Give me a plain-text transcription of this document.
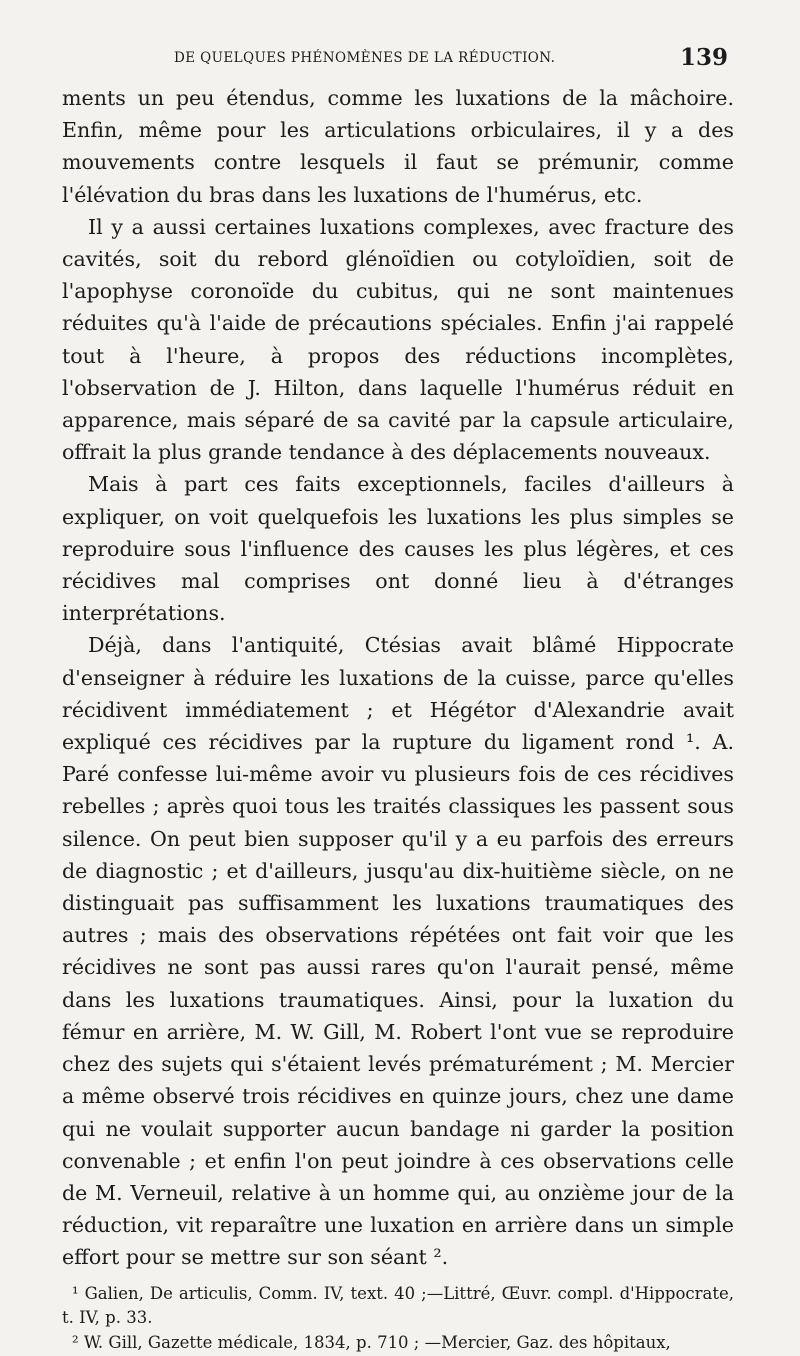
DE QUELQUES PHÉNOMÈNES DE LA RÉDUCTION.	139

ments un peu étendus, comme les luxations de la mâchoire. Enfin, même pour les articulations orbiculaires, il y a des mouvements contre lesquels il faut se prémunir, comme l'élévation du bras dans les luxations de l'humérus, etc.

Il y a aussi certaines luxations complexes, avec fracture des cavités, soit du rebord glénoïdien ou cotyloïdien, soit de l'apophyse coronoïde du cubitus, qui ne sont maintenues réduites qu'à l'aide de précautions spéciales. Enfin j'ai rappelé tout à l'heure, à propos des réductions incomplètes, l'observation de J. Hilton, dans laquelle l'humérus réduit en apparence, mais séparé de sa cavité par la capsule articulaire, offrait la plus grande tendance à des déplacements nouveaux.

Mais à part ces faits exceptionnels, faciles d'ailleurs à expliquer, on voit quelquefois les luxations les plus simples se reproduire sous l'influence des causes les plus légères, et ces récidives mal comprises ont donné lieu à d'étranges interprétations.

Déjà, dans l'antiquité, Ctésias avait blâmé Hippocrate d'enseigner à réduire les luxations de la cuisse, parce qu'elles récidivent immédiatement ; et Hégétor d'Alexandrie avait expliqué ces récidives par la rupture du ligament rond ¹. A. Paré confesse lui-même avoir vu plusieurs fois de ces récidives rebelles ; après quoi tous les traités classiques les passent sous silence. On peut bien supposer qu'il y a eu parfois des erreurs de diagnostic ; et d'ailleurs, jusqu'au dix-huitième siècle, on ne distinguait pas suffisamment les luxations traumatiques des autres ; mais des observations répétées ont fait voir que les récidives ne sont pas aussi rares qu'on l'aurait pensé, même dans les luxations traumatiques. Ainsi, pour la luxation du fémur en arrière, M. W. Gill, M. Robert l'ont vue se reproduire chez des sujets qui s'étaient levés prématurément ; M. Mercier a même observé trois récidives en quinze jours, chez une dame qui ne voulait supporter aucun bandage ni garder la position convenable ; et enfin l'on peut joindre à ces observations celle de M. Verneuil, relative à un homme qui, au onzième jour de la réduction, vit reparaître une luxation en arrière dans un simple effort pour se mettre sur son séant ².

¹ Galien, De articulis, Comm. IV, text. 40 ;—Littré, Œuvr. compl. d'Hippocrate, t. IV, p. 33.

² W. Gill, Gazette médicale, 1834, p. 710 ; —Mercier, Gaz. des hôpitaux,
